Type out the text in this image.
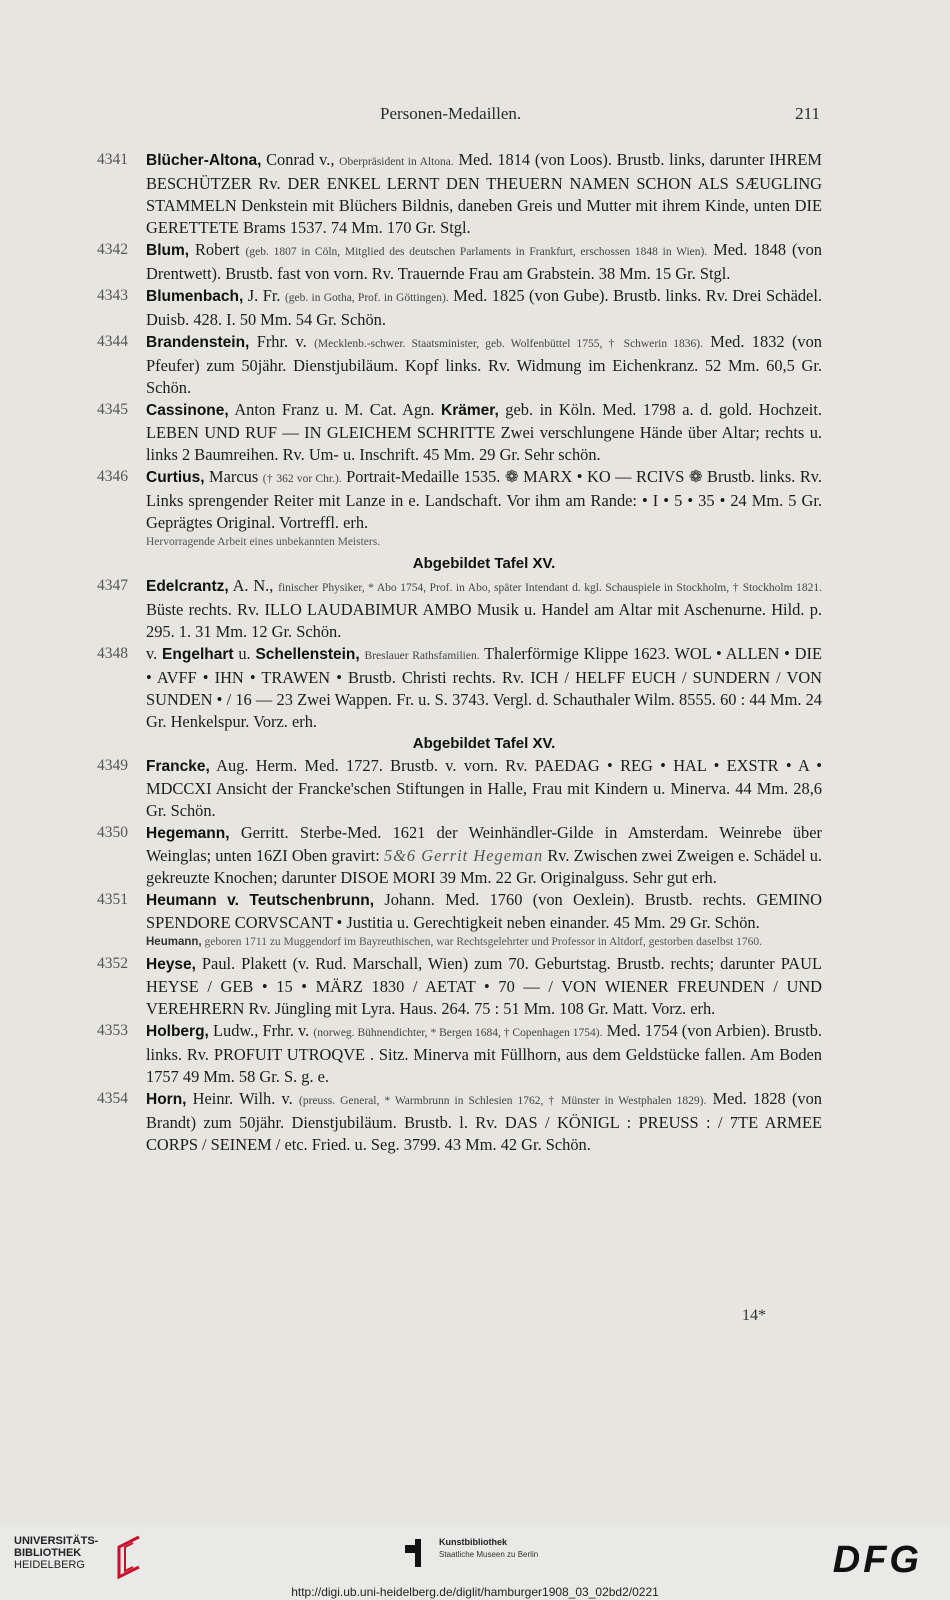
Personen-Medaillen.	211

4341	Blücher-Altona, Conrad v., Oberpräsident in Altona. Med. 1814 (von Loos). Brustb. links, darunter IHREM BESCHÜTZER Rv. DER ENKEL LERNT DEN THEUERN NAMEN SCHON ALS SÆUGLING STAMMELN Denkstein mit Blüchers Bildnis, daneben Greis und Mutter mit ihrem Kinde, unten DIE GERETTETE Brams 1537. 74 Mm. 170 Gr. Stgl.

4342	Blum, Robert (geb. 1807 in Cöln, Mitglied des deutschen Parlaments in Frankfurt, erschossen 1848 in Wien). Med. 1848 (von Drentwett). Brustb. fast von vorn. Rv. Trauernde Frau am Grabstein. 38 Mm. 15 Gr. Stgl.

4343	Blumenbach, J. Fr. (geb. in Gotha, Prof. in Göttingen). Med. 1825 (von Gube). Brustb. links. Rv. Drei Schädel. Duisb. 428. I. 50 Mm. 54 Gr. Schön.

4344	Brandenstein, Frhr. v. (Mecklenb.-schwer. Staatsminister, geb. Wolfenbüttel 1755, † Schwerin 1836). Med. 1832 (von Pfeufer) zum 50jähr. Dienstjubiläum. Kopf links. Rv. Widmung im Eichenkranz. 52 Mm. 60,5 Gr. Schön.

4345	Cassinone, Anton Franz u. M. Cat. Agn. Krämer, geb. in Köln. Med. 1798 a. d. gold. Hochzeit. LEBEN UND RUF — IN GLEICHEM SCHRITTE Zwei verschlungene Hände über Altar; rechts u. links 2 Baumreihen. Rv. Um- u. Inschrift. 45 Mm. 29 Gr. Sehr schön.

4346	Curtius, Marcus († 362 vor Chr.). Portrait-Medaille 1535. ❁ MARX • KO — RCIVS ❁ Brustb. links. Rv. Links sprengender Reiter mit Lanze in e. Landschaft. Vor ihm am Rande: • I • 5 • 35 • 24 Mm. 5 Gr. Geprägtes Original. Vortreffl. erh.

Hervorragende Arbeit eines unbekannten Meisters.

Abgebildet Tafel XV.

4347	Edelcrantz, A. N., finischer Physiker, * Abo 1754, Prof. in Abo, später Intendant d. kgl. Schauspiele in Stockholm, † Stockholm 1821. Büste rechts. Rv. ILLO LAUDABIMUR AMBO Musik u. Handel am Altar mit Aschenurne. Hild. p. 295. 1. 31 Mm. 12 Gr. Schön.

4348	v. Engelhart u. Schellenstein, Breslauer Rathsfamilien. Thalerförmige Klippe 1623. WOL • ALLEN • DIE • AVFF • IHN • TRAWEN • Brustb. Christi rechts. Rv. ICH / HELFF EUCH / SUNDERN / VON SUNDEN • / 16 — 23 Zwei Wappen. Fr. u. S. 3743. Vergl. d. Schauthaler Wilm. 8555. 60 : 44 Mm. 24 Gr. Henkelspur. Vorz. erh.

Abgebildet Tafel XV.

4349	Francke, Aug. Herm. Med. 1727. Brustb. v. vorn. Rv. PAEDAG • REG • HAL • EXSTR • A • MDCCXI Ansicht der Francke'schen Stiftungen in Halle, Frau mit Kindern u. Minerva. 44 Mm. 28,6 Gr. Schön.

4350	Hegemann, Gerritt. Sterbe-Med. 1621 der Weinhändler-Gilde in Amsterdam. Weinrebe über Weinglas; unten 16ZI Oben gravirt: 5&6 Gerrit Hegeman Rv. Zwischen zwei Zweigen e. Schädel u. gekreuzte Knochen; darunter DISOE MORI 39 Mm. 22 Gr. Originalguss. Sehr gut erh.

4351	Heumann v. Teutschenbrunn, Johann. Med. 1760 (von Oexlein). Brustb. rechts. GEMINO SPENDORE CORVSCANT • Justitia u. Gerechtigkeit neben einander. 45 Mm. 29 Gr. Schön.

Heumann, geboren 1711 zu Muggendorf im Bayreuthischen, war Rechtsgelehrter und Professor in Altdorf, gestorben daselbst 1760.

4352	Heyse, Paul. Plakett (v. Rud. Marschall, Wien) zum 70. Geburtstag. Brustb. rechts; darunter PAUL HEYSE / GEB • 15 • MÄRZ 1830 / AETAT • 70 — / VON WIENER FREUNDEN / UND VEREHRERN Rv. Jüngling mit Lyra. Haus. 264. 75 : 51 Mm. 108 Gr. Matt. Vorz. erh.

4353	Holberg, Ludw., Frhr. v. (norweg. Bühnendichter, * Bergen 1684, † Copenhagen 1754). Med. 1754 (von Arbien). Brustb. links. Rv. PROFUIT UTROQVE . Sitz. Minerva mit Füllhorn, aus dem Geldstücke fallen. Am Boden 1757 49 Mm. 58 Gr. S. g. e.

4354	Horn, Heinr. Wilh. v. (preuss. General, * Warmbrunn in Schlesien 1762, † Münster in Westphalen 1829). Med. 1828 (von Brandt) zum 50jähr. Dienstjubiläum. Brustb. l. Rv. DAS / KÖNIGL : PREUSS : / 7TE ARMEE CORPS / SEINEM / etc. Fried. u. Seg. 3799. 43 Mm. 42 Gr. Schön.

14*
UNIVERSITÄTS-
BIBLIOTHEK
HEIDELBERG
Kunstbibliothek
Staatliche Museen zu Berlin	DFG
http://digi.ub.uni-heidelberg.de/diglit/hamburger1908_03_02bd2/0221
